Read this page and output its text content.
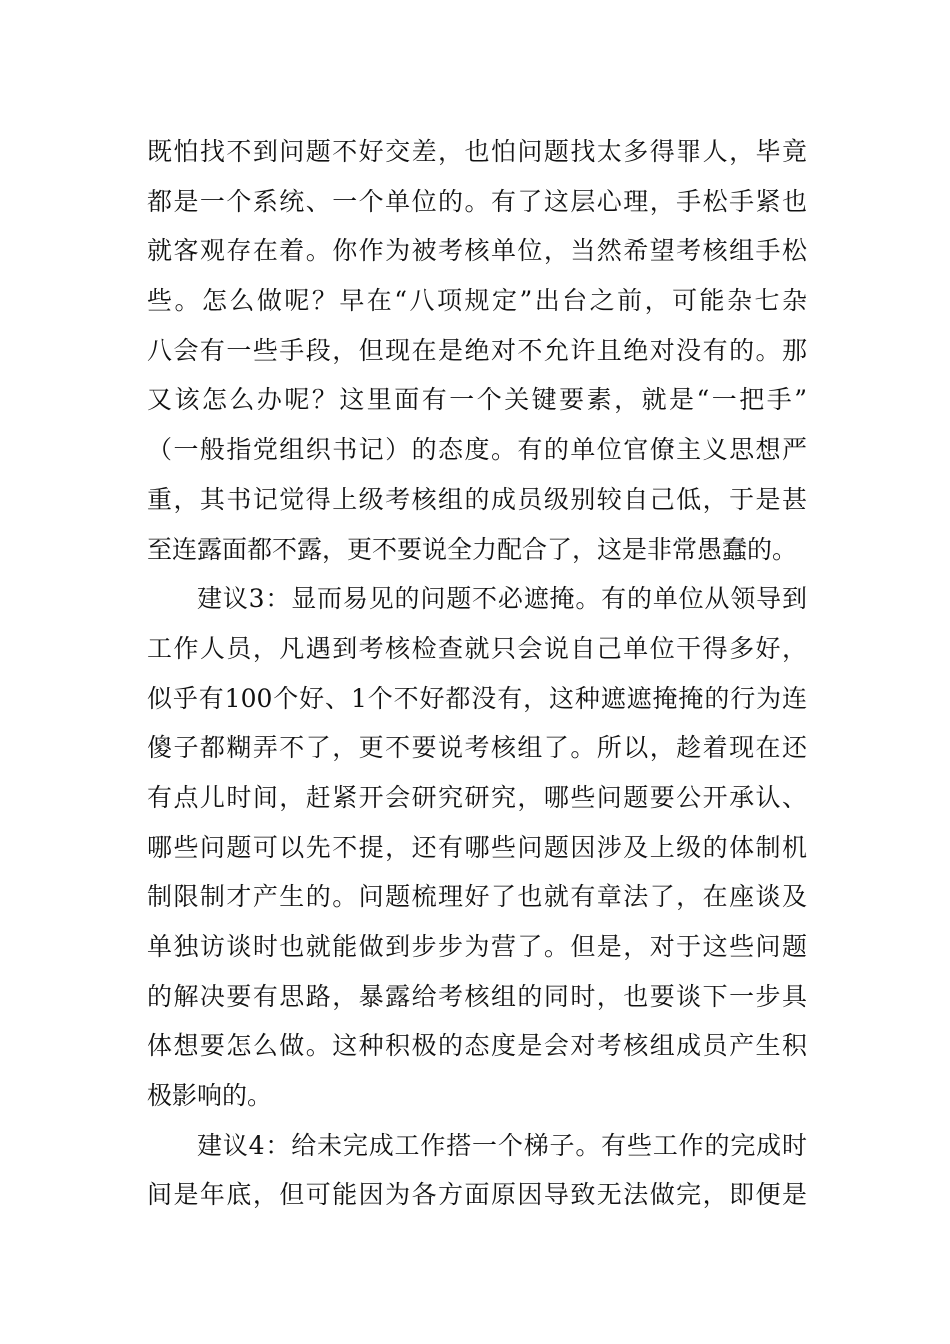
既怕找不到问题不好交差，也怕问题找太多得罪人，毕竟
都是一个系统、一个单位的。有了这层心理，手松手紧也
就客观存在着。你作为被考核单位，当然希望考核组手松
些。怎么做呢？早在“八项规定”出台之前，可能杂七杂
八会有一些手段，但现在是绝对不允许且绝对没有的。那
又该怎么办呢？这里面有一个关键要素，就是“一把手”
（一般指党组织书记）的态度。有的单位官僚主义思想严
重，其书记觉得上级考核组的成员级别较自己低，于是甚
至连露面都不露，更不要说全力配合了，这是非常愚蠢的。
建议3：显而易见的问题不必遮掩。有的单位从领导到
工作人员，凡遇到考核检查就只会说自己单位干得多好，
似乎有100个好、1个不好都没有，这种遮遮掩掩的行为连
傻子都糊弄不了，更不要说考核组了。所以，趁着现在还
有点儿时间，赶紧开会研究研究，哪些问题要公开承认、
哪些问题可以先不提，还有哪些问题因涉及上级的体制机
制限制才产生的。问题梳理好了也就有章法了，在座谈及
单独访谈时也就能做到步步为营了。但是，对于这些问题
的解决要有思路，暴露给考核组的同时，也要谈下一步具
体想要怎么做。这种积极的态度是会对考核组成员产生积
极影响的。
建议4：给未完成工作搭一个梯子。有些工作的完成时
间是年底，但可能因为各方面原因导致无法做完，即便是
